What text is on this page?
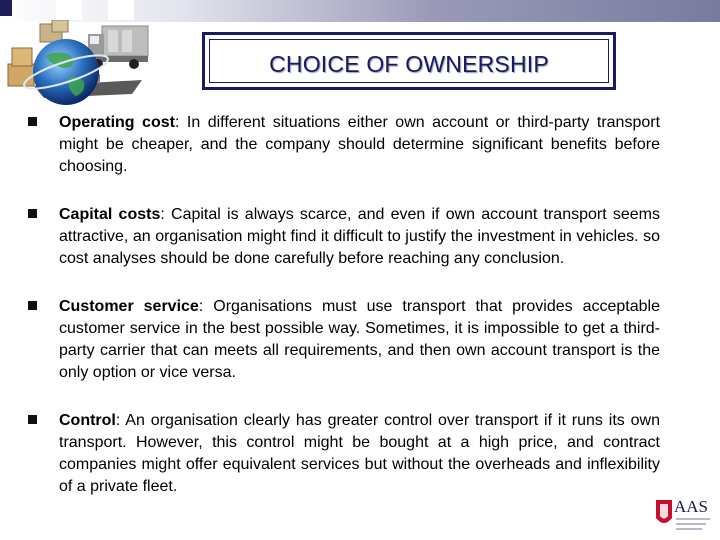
CHOICE OF OWNERSHIP

Operating cost: In different situations either own account or third-party transport might be cheaper, and the company should determine significant benefits before choosing.

Capital costs: Capital is always scarce, and even if own account transport seems attractive, an organisation might find it difficult to justify the investment in vehicles. so cost analyses should be done carefully before reaching any conclusion.

Customer service: Organisations must use transport that provides acceptable customer service in the best possible way. Sometimes, it is impossible to get a third-party carrier that can meets all requirements, and then own account transport is the only option or vice versa.

Control: An organisation clearly has greater control over transport if it runs its own transport. However, this control might be bought at a high price, and contract companies might offer equivalent services but without the overheads and inflexibility of a private fleet.

AAS
